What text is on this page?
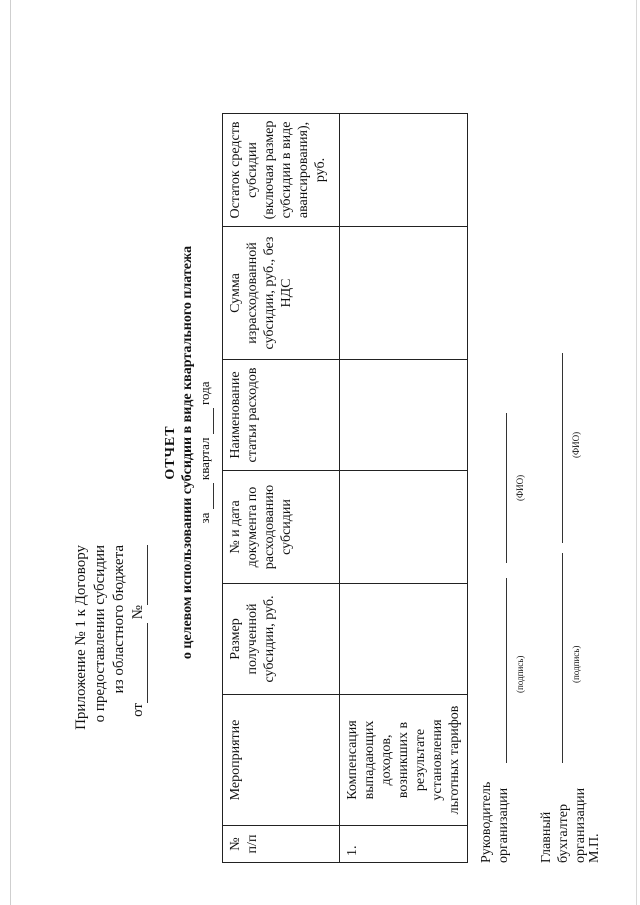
Приложение № 1 к Договору о предоставлении субсидии из областного бюджета
от №
ОТЧЕТ о целевом использовании субсидии в виде квартального платежа за  квартал  года
№ п/п	Мероприятие	Размер полученной субсидии, руб.	№ и дата документа по расходованию субсидии	Наименование статьи расходов	Сумма израсходованной субсидии, руб., без НДС	Остаток средств субсидии (включая размер субсидии в виде авансирования), руб.
1.	Компенсация выпадающих доходов, возникших в результате установления льготных тарифов					
Руководитель организации
(подпись)
(ФИО)
Главный бухгалтер организации
(подпись)
(ФИО)
М.П.
